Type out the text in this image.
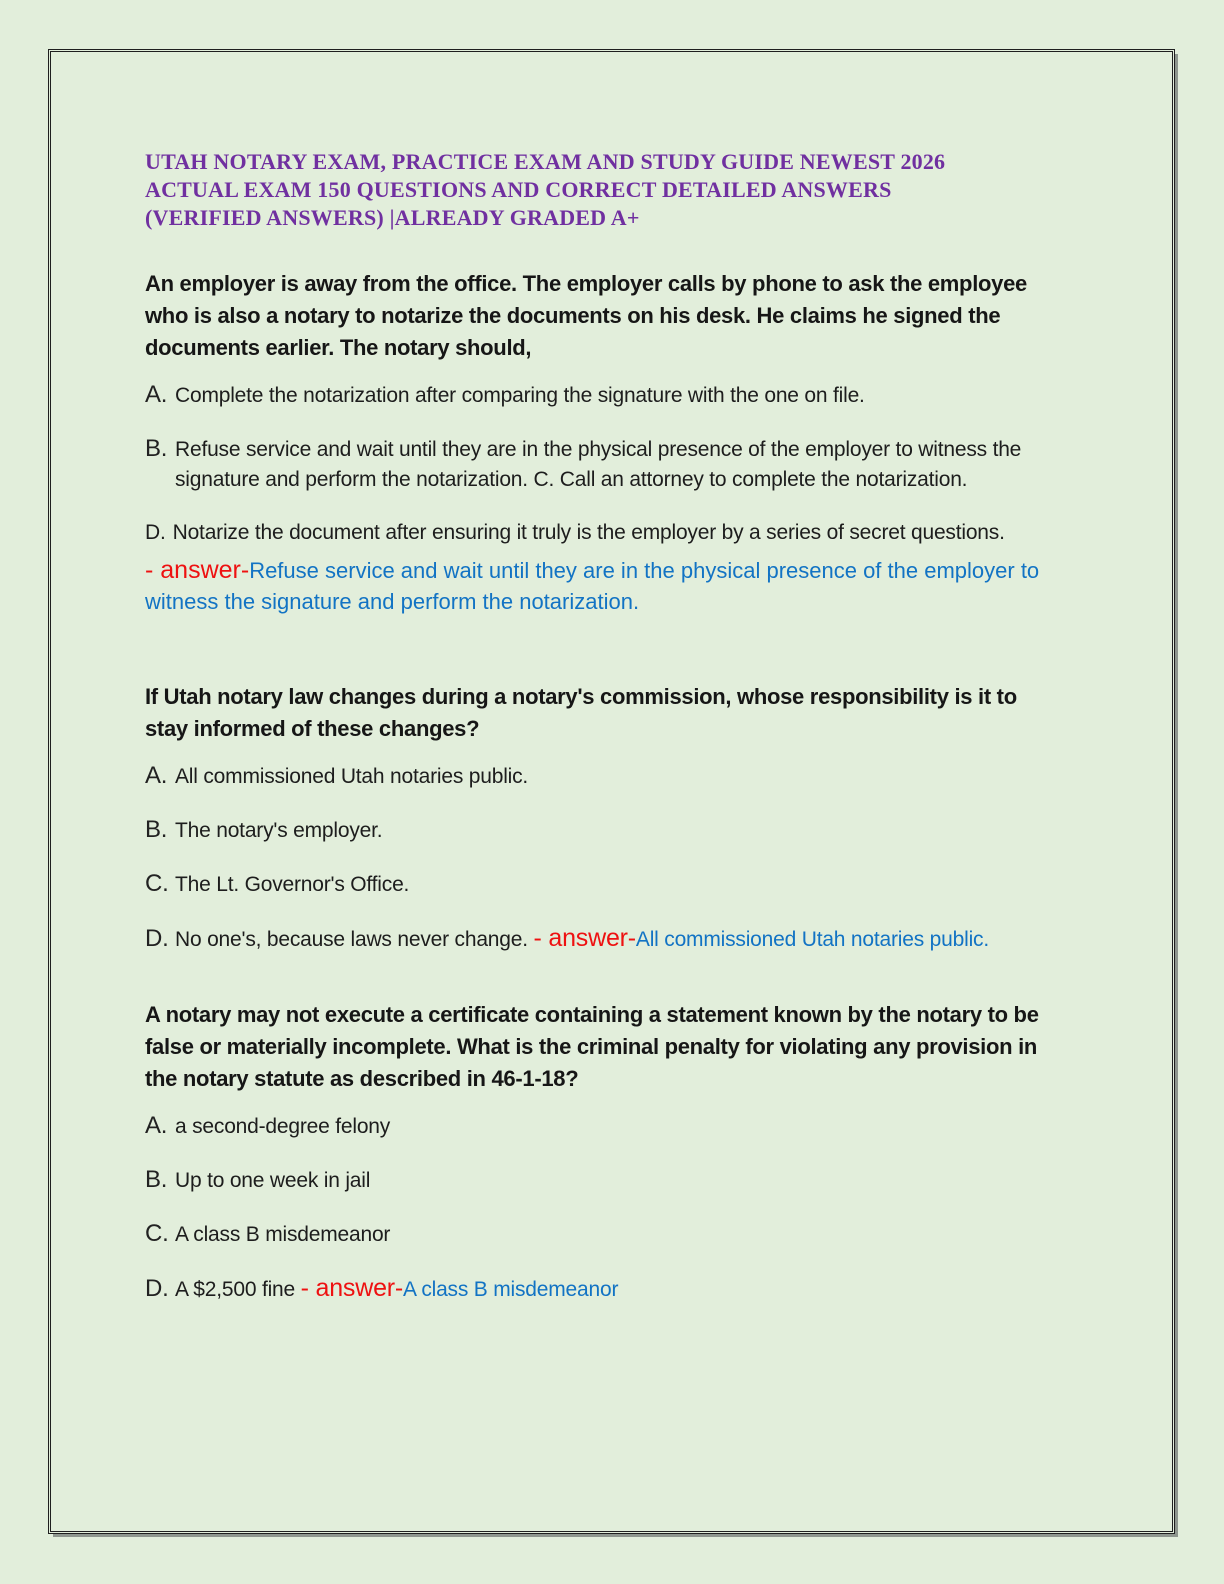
UTAH NOTARY EXAM, PRACTICE EXAM AND STUDY GUIDE NEWEST 2026
ACTUAL EXAM 150 QUESTIONS AND CORRECT DETAILED ANSWERS
(VERIFIED ANSWERS) |ALREADY GRADED A+

An employer is away from the office. The employer calls by phone to ask the employee who is also a notary to notarize the documents on his desk. He claims he signed the documents earlier. The notary should,

A. Complete the notarization after comparing the signature with the one on file.
B. Refuse service and wait until they are in the physical presence of the employer to witness the signature and perform the notarization. C. Call an attorney to complete the notarization.

D. Notarize the document after ensuring it truly is the employer by a series of secret questions.

- answer-Refuse service and wait until they are in the physical presence of the employer to witness the signature and perform the notarization.

If Utah notary law changes during a notary's commission, whose responsibility is it to stay informed of these changes?

A. All commissioned Utah notaries public.
B. The notary's employer.
C. The Lt. Governor's Office.
D. No one's, because laws never change. - answer-All commissioned Utah notaries public.

A notary may not execute a certificate containing a statement known by the notary to be false or materially incomplete. What is the criminal penalty for violating any provision in the notary statute as described in 46-1-18?

A. a second-degree felony
B. Up to one week in jail
C. A class B misdemeanor
D. A $2,500 fine - answer-A class B misdemeanor
